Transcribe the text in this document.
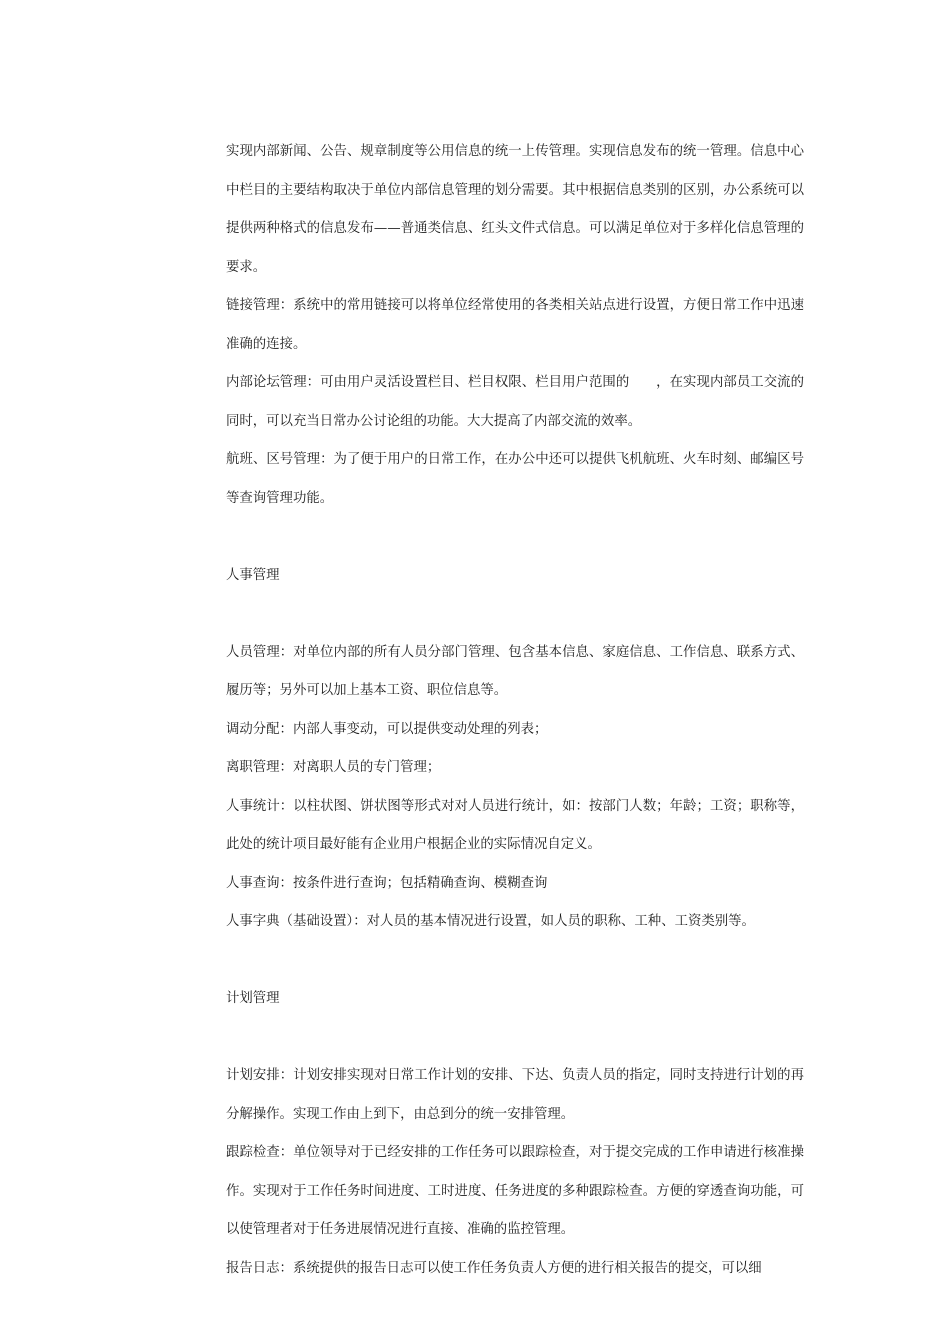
实现内部新闻、公告、规章制度等公用信息的统一上传管理。实现信息发布的统一管理。信息中心中栏目的主要结构取决于单位内部信息管理的划分需要。其中根据信息类别的区别，办公系统可以提供两种格式的信息发布——普通类信息、红头文件式信息。可以满足单位对于多样化信息管理的要求。

链接管理：系统中的常用链接可以将单位经常使用的各类相关站点进行设置，方便日常工作中迅速准确的连接。

内部论坛管理：可由用户灵活设置栏目、栏目权限、栏目用户范围的　　，在实现内部员工交流的同时，可以充当日常办公讨论组的功能。大大提高了内部交流的效率。

航班、区号管理：为了便于用户的日常工作，在办公中还可以提供飞机航班、火车时刻、邮编区号等查询管理功能。

人事管理

人员管理：对单位内部的所有人员分部门管理、包含基本信息、家庭信息、工作信息、联系方式、履历等；另外可以加上基本工资、职位信息等。

调动分配：内部人事变动，可以提供变动处理的列表；

离职管理：对离职人员的专门管理；

人事统计：以柱状图、饼状图等形式对对人员进行统计，如：按部门人数；年龄；工资；职称等，此处的统计项目最好能有企业用户根据企业的实际情况自定义。

人事查询：按条件进行查询；包括精确查询、模糊查询

人事字典（基础设置）：对人员的基本情况进行设置，如人员的职称、工种、工资类别等。

计划管理

计划安排：计划安排实现对日常工作计划的安排、下达、负责人员的指定，同时支持进行计划的再分解操作。实现工作由上到下，由总到分的统一安排管理。

跟踪检查：单位领导对于已经安排的工作任务可以跟踪检查，对于提交完成的工作申请进行核准操作。实现对于工作任务时间进度、工时进度、任务进度的多种跟踪检查。方便的穿透查询功能，可以使管理者对于任务进展情况进行直接、准确的监控管理。

报告日志：系统提供的报告日志可以使工作任务负责人方便的进行相关报告的提交，可以细
